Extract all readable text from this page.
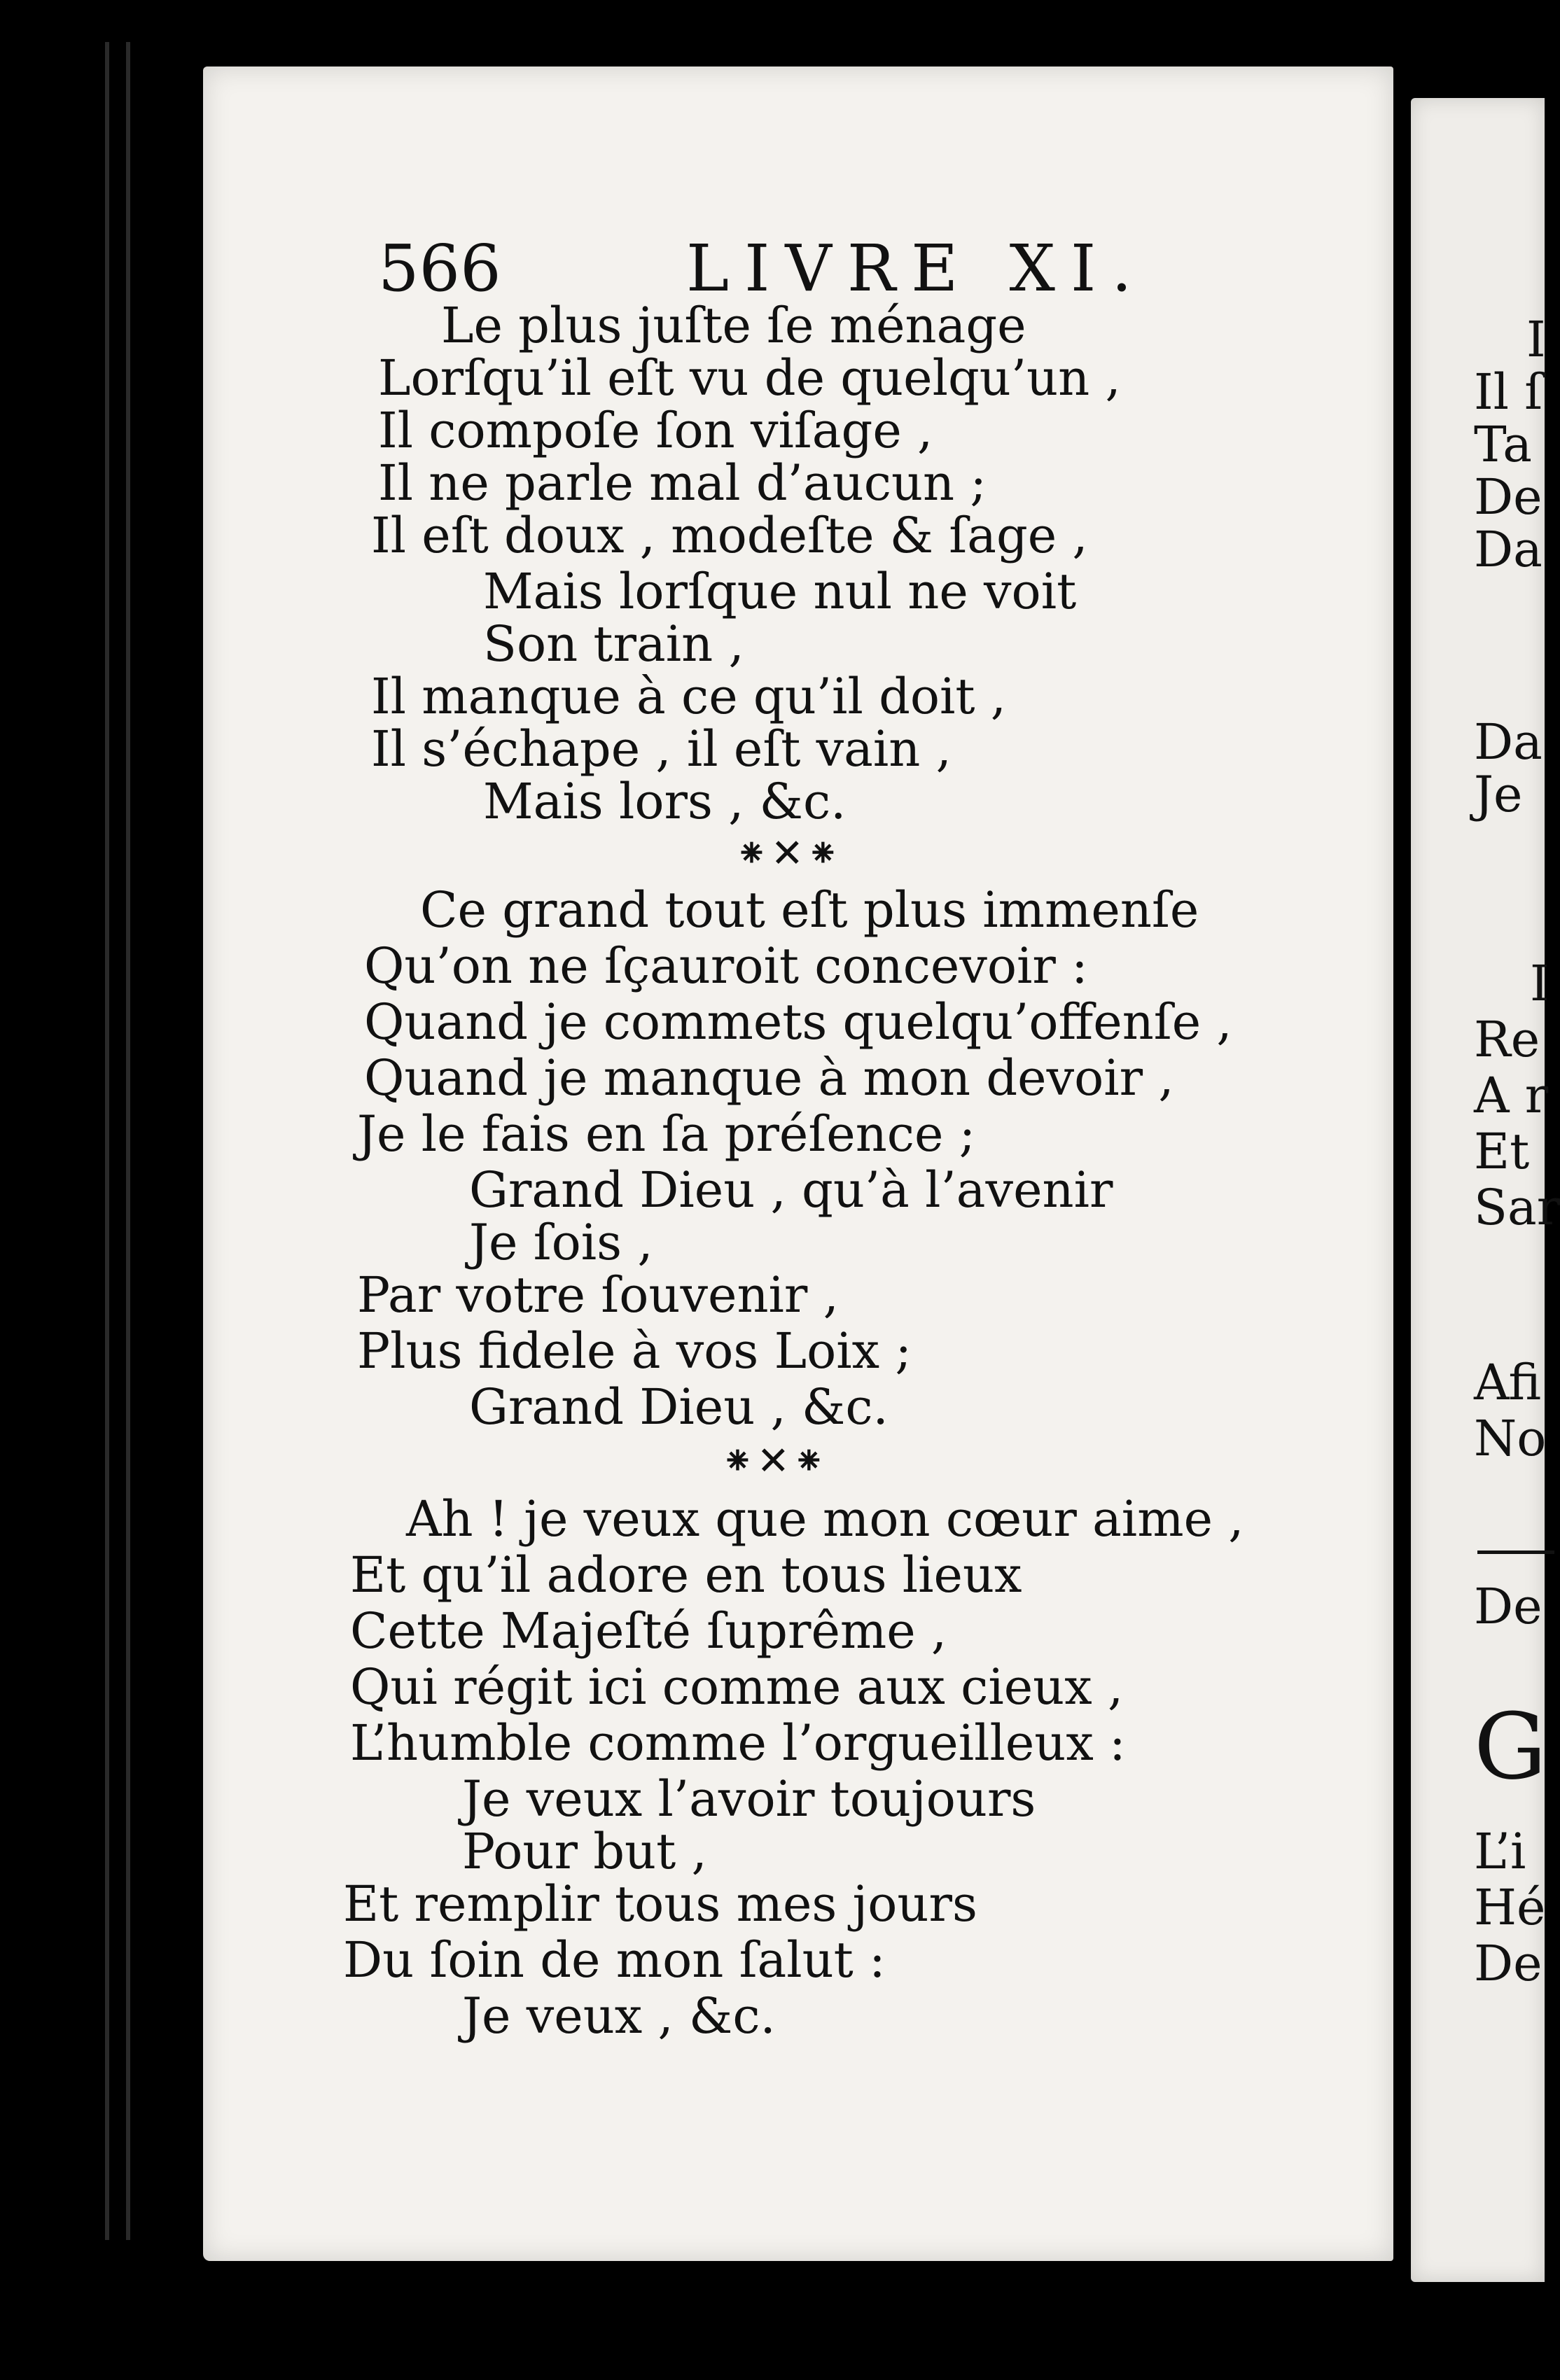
566	LIVRE XI.
Le plus juſte ſe ménage
Lorſqu’il eſt vu de quelqu’un ,
Il compoſe ſon viſage ,
Il ne parle mal d’aucun ;
Il eſt doux , modeſte & ſage ,
Mais lorſque nul ne voit
Son train ,
Il manque à ce qu’il doit ,
Il s’échape , il eſt vain ,
Mais lors , &c.
⁕✕⁕
Ce grand tout eſt plus immenſe
Qu’on ne ſçauroit concevoir :
Quand je commets quelqu’offenſe ,
Quand je manque à mon devoir ,
Je le fais en ſa préſence ;
Grand Dieu , qu’à l’avenir
Je ſois ,
Par votre ſouvenir ,
Plus fidele à vos Loix ;
Grand Dieu , &c.
⁕✕⁕
Ah ! je veux que mon cœur aime ,
Et qu’il adore en tous lieux
Cette Majeſté ſuprême ,
Qui régit ici comme aux cieux ,
L’humble comme l’orgueilleux :
Je veux l’avoir toujours
Pour but ,
Et remplir tous mes jours
Du ſoin de mon ſalut :
Je veux , &c.
I
Il ſ
Ta
De
Da
Da
Je
I
Re
A r
Et
Sar
Afi
No
De
G
L’i
Hé
De
